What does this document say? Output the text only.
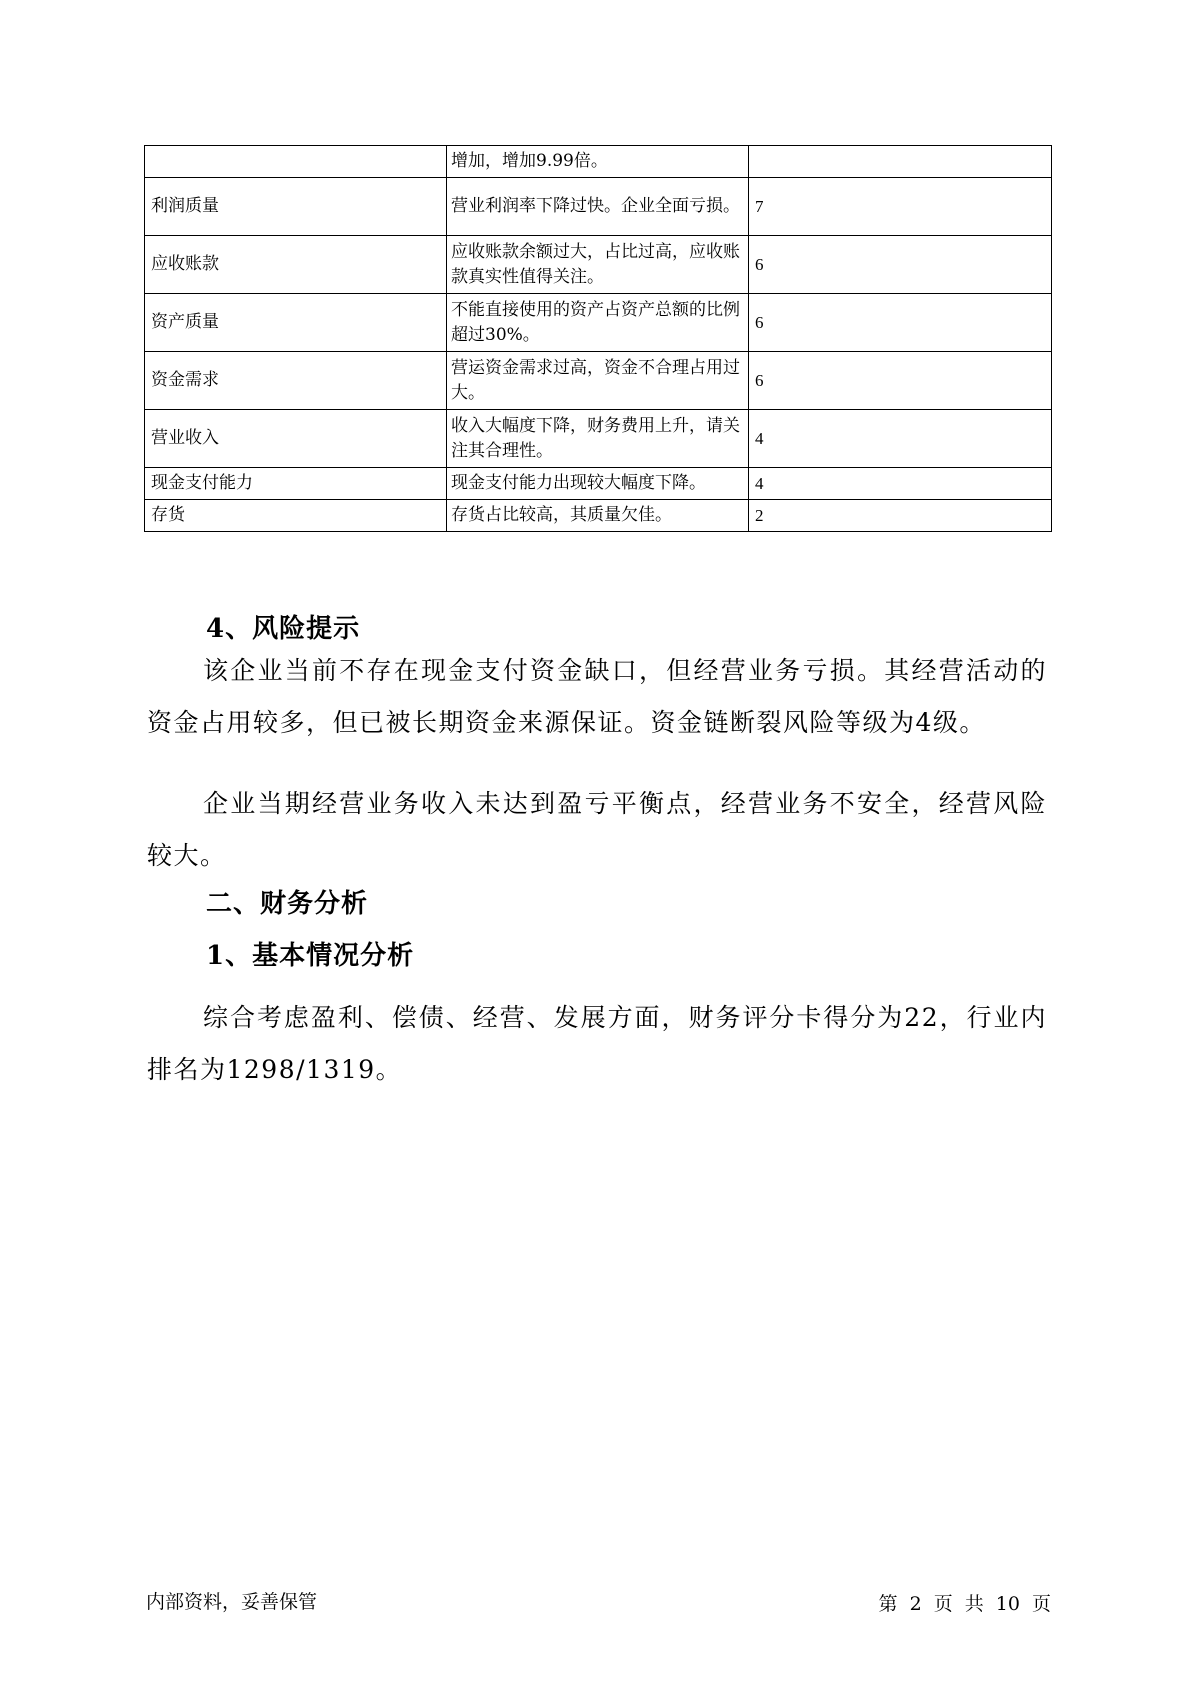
	增加，增加9.99倍。	
利润质量	营业利润率下降过快。企业全面亏损。	7
应收账款	应收账款余额过大，占比过高，应收账款真实性值得关注。	6
资产质量	不能直接使用的资产占资产总额的比例超过30%。	6
资金需求	营运资金需求过高，资金不合理占用过大。	6
营业收入	收入大幅度下降，财务费用上升，请关注其合理性。	4
现金支付能力	现金支付能力出现较大幅度下降。	4
存货	存货占比较高，其质量欠佳。	2
4、风险提示

该企业当前不存在现金支付资金缺口，但经营业务亏损。其经营活动的资金占用较多，但已被长期资金来源保证。资金链断裂风险等级为4级。

企业当期经营业务收入未达到盈亏平衡点，经营业务不安全，经营风险较大。

二、财务分析
1、基本情况分析

综合考虑盈利、偿债、经营、发展方面，财务评分卡得分为22，行业内排名为1298/1319。

内部资料，妥善保管	第 2 页 共 10 页
